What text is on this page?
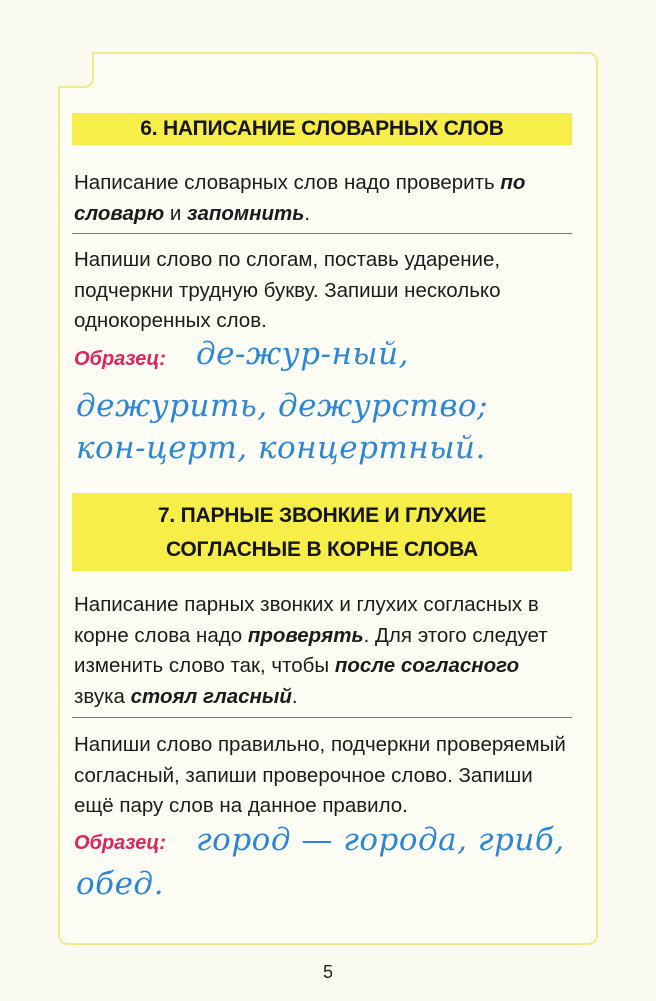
6. НАПИСАНИЕ СЛОВАРНЫХ СЛОВ
Написание словарных слов надо проверить по словарю и запомнить.
Напиши слово по слогам, поставь ударение, подчеркни трудную букву. Запиши несколько однокоренных слов.
Образец: де-жур-ный,
дежурить, дежурство;
кон-церт, концертный.
7. ПАРНЫЕ ЗВОНКИЕ И ГЛУХИЕ
СОГЛАСНЫЕ В КОРНЕ СЛОВА
Написание парных звонких и глухих согласных в корне слова надо проверять. Для этого следует изменить слово так, чтобы после согласного звука стоял гласный.
Напиши слово правильно, подчеркни проверяемый согласный, запиши проверочное слово. Запиши ещё пару слов на данное правило.
Образец: город — города, гриб,
обед.
5
